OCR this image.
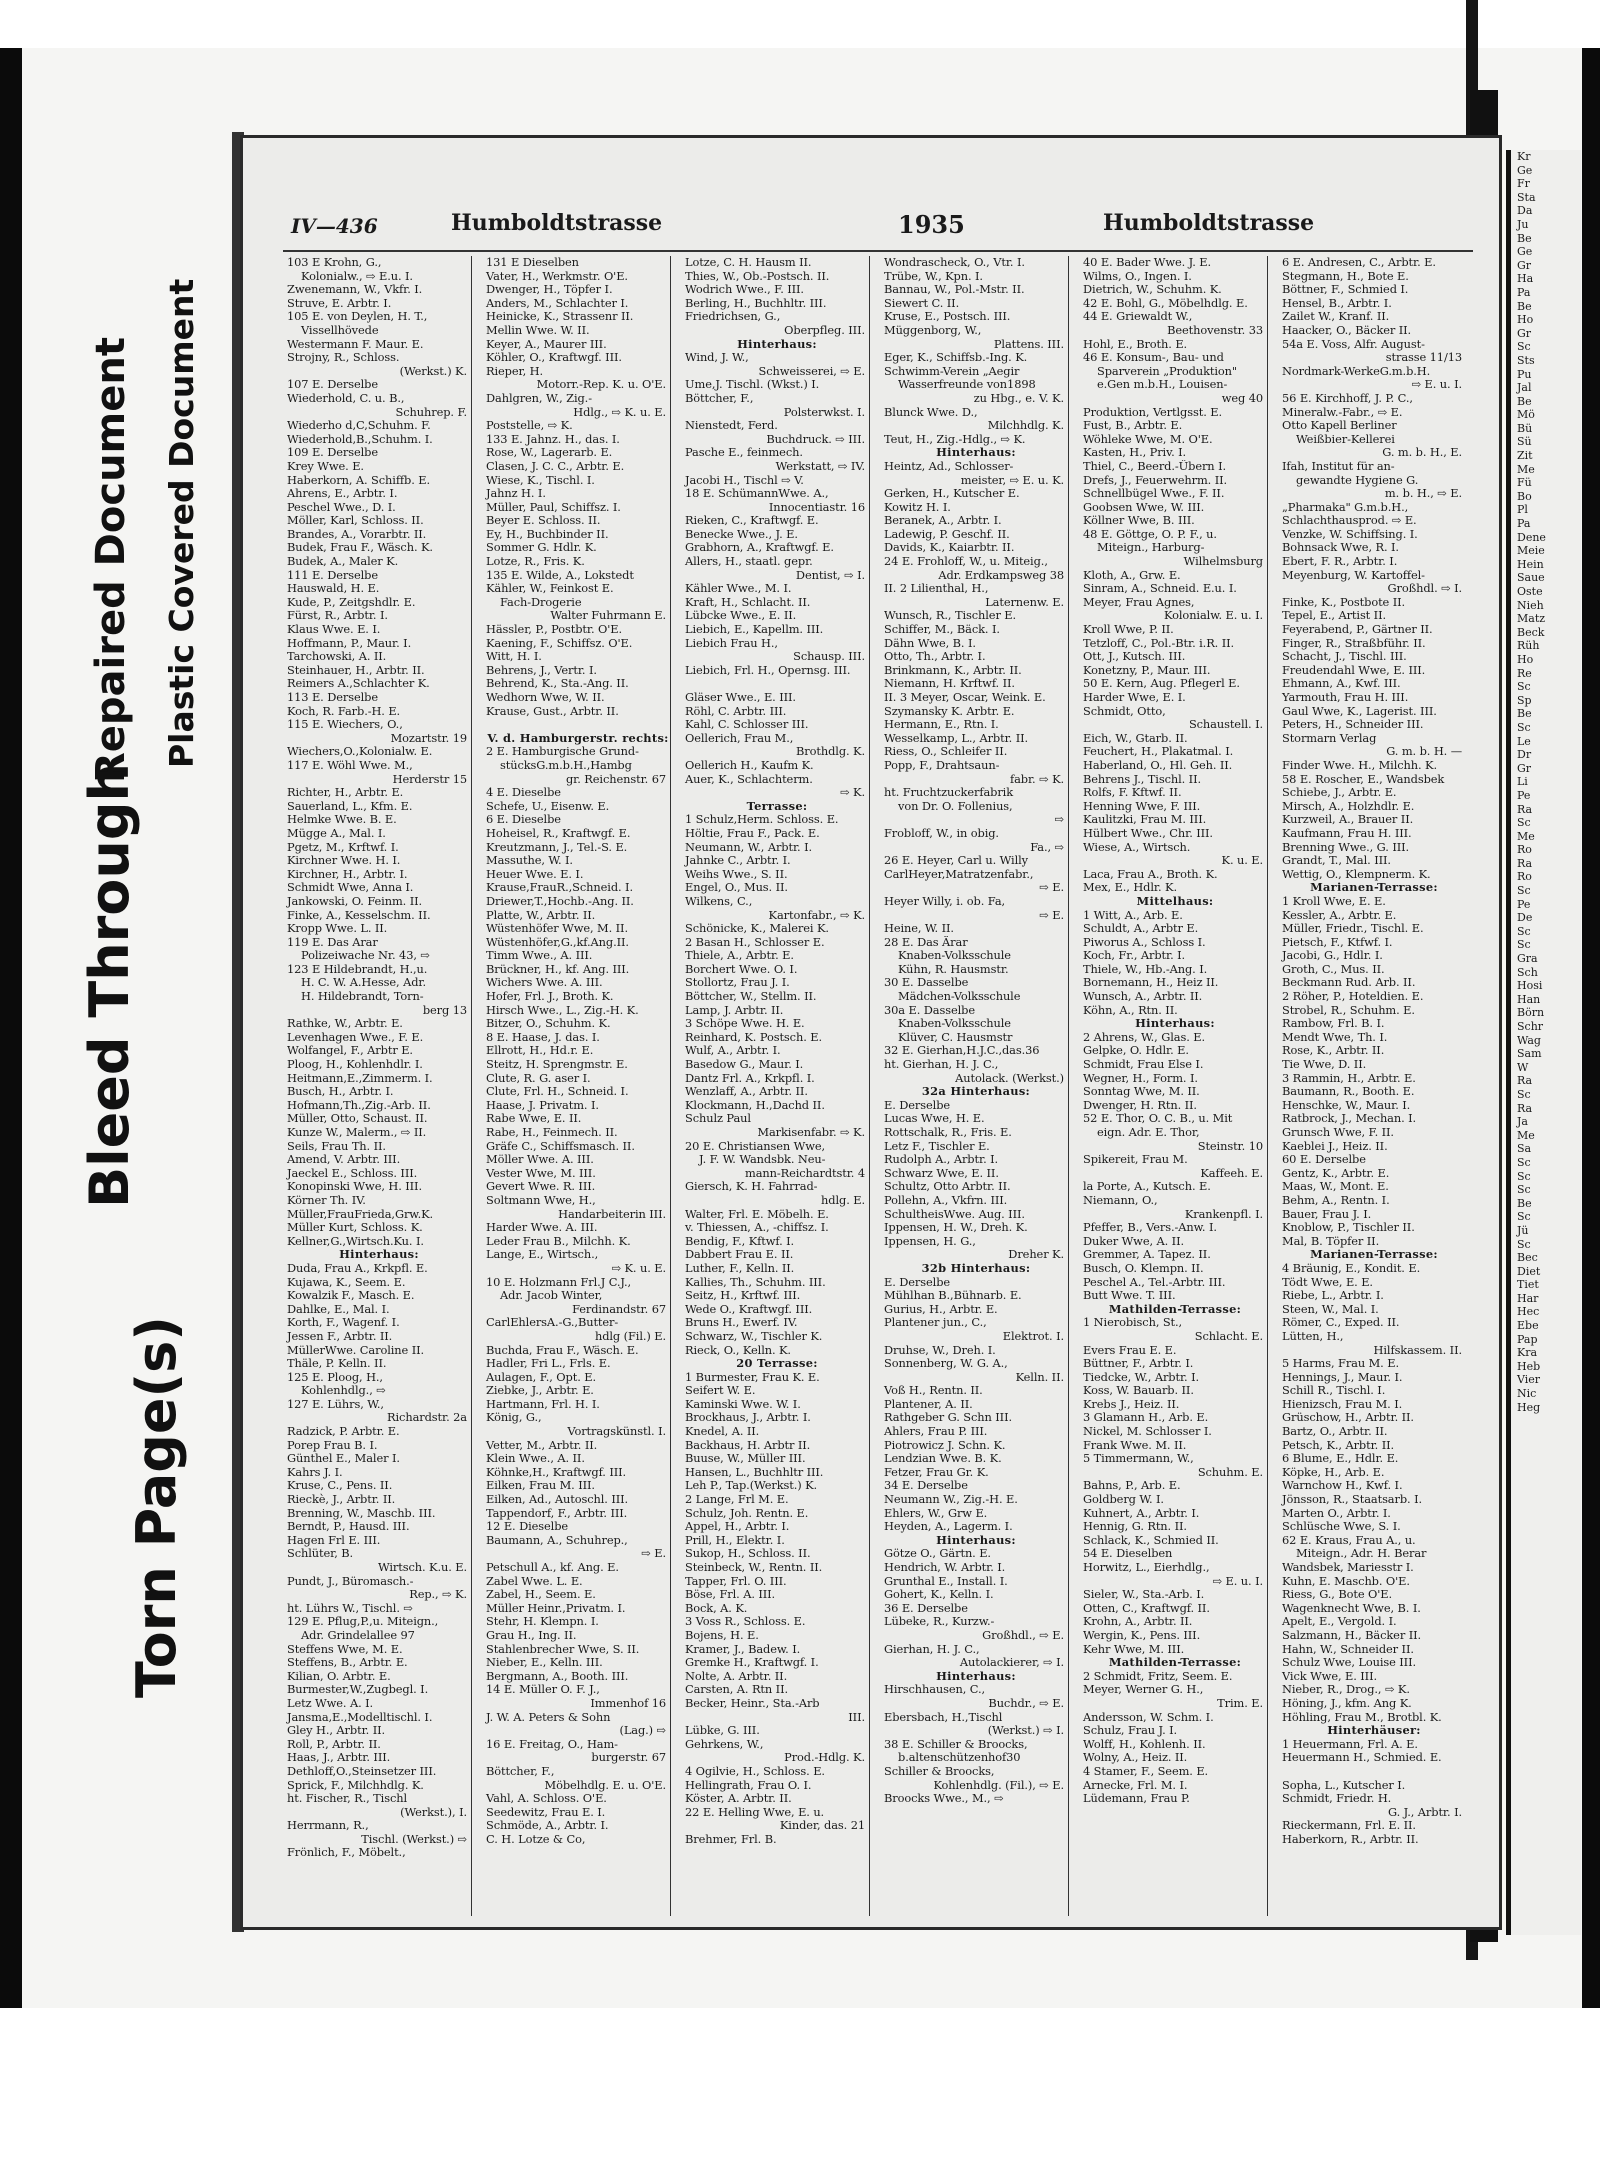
Torn Page(s)
Bleed Through
Repaired Document Plastic Covered Document
IV—436	Humboldtstrasse	1935	Humboldtstrasse
103 E Krohn, G.,
Kolonialw., ⇨ E.u. I.
Zwenemann, W., Vkfr. I.
Struve, E. Arbtr. I.
105 E. von Deylen, H. T.,
Vissellhövede
Westermann F. Maur. E.
Strojny, R., Schloss.
(Werkst.) K.
107 E. Derselbe
Wiederhold, C. u. B.,
Schuhrep. F.
Wiederho d,C,Schuhm. F.
Wiederhold,B.,Schuhm. I.
109 E. Derselbe
Krey Wwe. E.
Haberkorn, A. Schiffb. E.
Ahrens, E., Arbtr. I.
Peschel Wwe., D. I.
Möller, Karl, Schloss. II.
Brandes, A., Vorarbtr. II.
Budek, Frau F., Wäsch. K.
Budek, A., Maler K.
111 E. Derselbe
Hauswald, H. E.
Kude, P., Zeitgshdlr. E.
Fürst, R., Arbtr. I.
Klaus Wwe. E. I.
Hoffmann, P., Maur. I.
Tarchowski, A. II.
Steinhauer, H., Arbtr. II.
Reimers A.,Schlachter K.
113 E. Derselbe
Koch, R. Farb.-H. E.
115 E. Wiechers, O.,
Mozartstr. 19
Wiechers,O.,Kolonialw. E.
117 E. Wöhl Wwe. M.,
Herderstr 15
Richter, H., Arbtr. E.
Sauerland, L., Kfm. E.
Helmke Wwe. B. E.
Mügge A., Mal. I.
Pgetz, M., Krftwf. I.
Kirchner Wwe. H. I.
Kirchner, H., Arbtr. I.
Schmidt Wwe, Anna I.
Jankowski, O. Feinm. II.
Finke, A., Kesselschm. II.
Kropp Wwe. L. II.
119 E. Das Arar
Polizeiwache Nr. 43, ⇨
123 E Hildebrandt, H.,u.
H. C. W. A.Hesse, Adr.
H. Hildebrandt, Torn-
berg 13
Rathke, W., Arbtr. E.
Levenhagen Wwe., F. E.
Wolfangel, F., Arbtr E.
Ploog, H., Kohlenhdlr. I.
Heitmann,E.,Zimmerm. I.
Busch, H., Arbtr. I.
Hofmann,Th.,Zig.-Arb. II.
Müller, Otto, Schaust. II.
Kunze W., Malerm., ⇨ II.
Seils, Frau Th. II.
Amend, V. Arbtr. III.
Jaeckel E., Schloss. III.
Konopinski Wwe, H. III.
Körner Th. IV.
Müller,FrauFrieda,Grw.K.
Müller Kurt, Schloss. K.
Kellner,G.,Wirtsch.Ku. I.
Hinterhaus:
Duda, Frau A., Krkpfl. E.
Kujawa, K., Seem. E.
Kowalzik F., Masch. E.
Dahlke, E., Mal. I.
Korth, F., Wagenf. I.
Jessen F., Arbtr. II.
MüllerWwe. Caroline II.
Thäle, P. Kelln. II.
125 E. Ploog, H.,
Kohlenhdlg., ⇨
127 E. Lührs, W.,
Richardstr. 2a
Radzick, P. Arbtr. E.
Porep Frau B. I.
Günthel E., Maler I.
Kahrs J. I.
Kruse, C., Pens. II.
Rieckè, J., Arbtr. II.
Brenning, W., Maschb. III.
Berndt, P., Hausd. III.
Hagen Frl E. III.
Schlüter, B.
Wirtsch. K.u. E.
Pundt, J., Büromasch.-
Rep., ⇨ K.
ht. Lührs W., Tischl. ⇨
129 E. Pflug,P.,u. Miteign.,
Adr. Grindelallee 97
Steffens Wwe, M. E.
Steffens, B., Arbtr. E.
Kilian, O. Arbtr. E.
Burmester,W.,Zugbegl. I.
Letz Wwe. A. I.
Jansma,E.,Modelltischl. I.
Gley H., Arbtr. II.
Roll, P., Arbtr. II.
Haas, J., Arbtr. III.
Dethloff,O.,Steinsetzer III.
Sprick, F., Milchhdlg. K.
ht. Fischer, R., Tischl
(Werkst.), I.
Herrmann, R.,
Tischl. (Werkst.) ⇨
Frönlich, F., Möbelt.,
131 E Dieselben
Vater, H., Werkmstr. O'E.
Dwenger, H., Töpfer I.
Anders, M., Schlachter I.
Heinicke, K., Strassenr II.
Mellin Wwe. W. II.
Keyer, A., Maurer III.
Köhler, O., Kraftwgf. III.
Rieper, H.
Motorr.-Rep. K. u. O'E.
Dahlgren, W., Zig.-
Hdlg., ⇨ K. u. E.
Poststelle, ⇨ K.
133 E. Jahnz. H., das. I.
Rose, W., Lagerarb. E.
Clasen, J. C. C., Arbtr. E.
Wiese, K., Tischl. I.
Jahnz H. I.
Müller, Paul, Schiffsz. I.
Beyer E. Schloss. II.
Ey, H., Buchbinder II.
Sommer G. Hdlr. K.
Lotze, R., Fris. K.
135 E. Wilde, A., Lokstedt
Kähler, W., Feinkost E.
Fach-Drogerie
Walter Fuhrmann E.
Hässler, P., Postbtr. O'E.
Kaening, F., Schiffsz. O'E.
Witt, H. I.
Behrens, J., Vertr. I.
Behrend, K., Sta.-Ang. II.
Wedhorn Wwe, W. II.
Krause, Gust., Arbtr. II.

V. d. Hamburgerstr. rechts:
2 E. Hamburgische Grund-
stücksG.m.b.H.,Hambg
gr. Reichenstr. 67
4 E. Dieselbe
Schefe, U., Eisenw. E.
6 E. Dieselbe
Hoheisel, R., Kraftwgf. E.
Kreutzmann, J., Tel.-S. E.
Massuthe, W. I.
Heuer Wwe. E. I.
Krause,FrauR.,Schneid. I.
Driewer,T.,Hochb.-Ang. II.
Platte, W., Arbtr. II.
Wüstenhöfer Wwe, M. II.
Wüstenhöfer,G.,kf.Ang.II.
Timm Wwe., A. III.
Brückner, H., kf. Ang. III.
Wichers Wwe. A. III.
Hofer, Frl. J., Broth. K.
Hirsch Wwe., L., Zig.-H. K.
Bitzer, O., Schuhm. K.
8 E. Haase, J. das. I.
Ellrott, H., Hd.r. E.
Steitz, H. Sprengmstr. E.
Clute, R. G. aser I.
Clute, Frl. H., Schneid. I.
Haase, J. Privatm. I.
Rabe Wwe, E. II.
Rabe, H., Feinmech. II.
Gräfe C., Schiffsmasch. II.
Möller Wwe. A. III.
Vester Wwe, M. III.
Gevert Wwe. R. III.
Soltmann Wwe, H.,
Handarbeiterin III.
Harder Wwe. A. III.
Leder Frau B., Milchh. K.
Lange, E., Wirtsch.,
⇨ K. u. E.
10 E. Holzmann Frl.J C.J.,
Adr. Jacob Winter,
Ferdinandstr. 67
CarlEhlersA.-G.,Butter-
hdlg (Fil.) E.
Buchda, Frau F., Wäsch. E.
Hadler, Fri L., Frls. E.
Aulagen, F., Opt. E.
Ziebke, J., Arbtr. E.
Hartmann, Frl. H. I.
König, G.,
Vortragskünstl. I.
Vetter, M., Arbtr. II.
Klein Wwe., A. II.
Köhnke,H., Kraftwgf. III.
Eilken, Frau M. III.
Eilken, Ad., Autoschl. III.
Tappendorf, F., Arbtr. III.
12 E. Dieselbe
Baumann, A., Schuhrep.,
⇨ E.
Petschull A., kf. Ang. E.
Zabel Wwe. L. E.
Zabel, H., Seem. E.
Müller Heinr.,Privatm. I.
Stehr, H. Klempn. I.
Grau H., Ing. II.
Stahlenbrecher Wwe, S. II.
Nieber, E., Kelln. III.
Bergmann, A., Booth. III.
14 E. Müller O. F. J.,
Immenhof 16
J. W. A. Peters & Sohn
(Lag.) ⇨
16 E. Freitag, O., Ham-
burgerstr. 67
Böttcher, F.,
Möbelhdlg. E. u. O'E.
Vahl, A. Schloss. O'E.
Seedewitz, Frau E. I.
Schmöde, A., Arbtr. I.
C. H. Lotze & Co,
Lotze, C. H. Hausm II.
Thies, W., Ob.-Postsch. II.
Wodrich Wwe., F. III.
Berling, H., Buchhltr. III.
Friedrichsen, G.,
Oberpfleg. III.
Hinterhaus:
Wind, J. W.,
Schweisserei, ⇨ E.
Ume,J. Tischl. (Wkst.) I.
Böttcher, F.,
Polsterwkst. I.
Nienstedt, Ferd.
Buchdruck. ⇨ III.
Pasche E., feinmech.
Werkstatt, ⇨ IV.
Jacobi H., Tischl ⇨ V.
18 E. SchümannWwe. A.,
Innocentiastr. 16
Rieken, C., Kraftwgf. E.
Benecke Wwe., J. E.
Grabhorn, A., Kraftwgf. E.
Allers, H., staatl. gepr.
Dentist, ⇨ I.
Kähler Wwe., M. I.
Kraft, H., Schlacht. II.
Lübcke Wwe., E. II.
Liebich, E., Kapellm. III.
Liebich Frau H.,
Schausp. III.
Liebich, Frl. H., Opernsg. III.

Gläser Wwe., E. III.
Röhl, C. Arbtr. III.
Kahl, C. Schlosser III.
Oellerich, Frau M.,
Brothdlg. K.
Oellerich H., Kaufm K.
Auer, K., Schlachterm.
⇨ K.
Terrasse:
1 Schulz,Herm. Schloss. E.
Höltie, Frau F., Pack. E.
Neumann, W., Arbtr. I.
Jahnke C., Arbtr. I.
Weihs Wwe., S. II.
Engel, O., Mus. II.
Wilkens, C.,
Kartonfabr., ⇨ K.
Schönicke, K., Malerei K.
2 Basan H., Schlosser E.
Thiele, A., Arbtr. E.
Borchert Wwe. O. I.
Stollortz, Frau J. I.
Böttcher, W., Stellm. II.
Lamp, J. Arbtr. II.
3 Schöpe Wwe. H. E.
Reinhard, K. Postsch. E.
Wulf, A., Arbtr. I.
Basedow G., Maur. I.
Dantz Frl. A., Krkpfl. I.
Wenzlaff, A., Arbtr. II.
Klockmann, H.,Dachd II.
Schulz Paul
Markisenfabr. ⇨ K.
20 E. Christiansen Wwe,
J. F. W. Wandsbk. Neu-
mann-Reichardtstr. 4
Giersch, K. H. Fahrrad-
hdlg. E.
Walter, Frl. E. Möbelh. E.
v. Thiessen, A., -chiffsz. I.
Bendig, F., Kftwf. I.
Dabbert Frau E. II.
Luther, F., Kelln. II.
Kallies, Th., Schuhm. III.
Seitz, H., Krftwf. III.
Wede O., Kraftwgf. III.
Bruns H., Ewerf. IV.
Schwarz, W., Tischler K.
Rieck, O., Kelln. K.
20 Terrasse:
1 Burmester, Frau K. E.
Seifert W. E.
Kaminski Wwe. W. I.
Brockhaus, J., Arbtr. I.
Knedel, A. II.
Backhaus, H. Arbtr II.
Buuse, W., Müller III.
Hansen, L., Buchhltr III.
Leh P., Tap.(Werkst.) K.
2 Lange, Frl M. E.
Schulz, Joh. Rentn. E.
Appel, H., Arbtr. I.
Prill, H., Elektr. I.
Sukop, H., Schloss. II.
Steinbeck, W., Rentn. II.
Tapper, Frl. O. III.
Böse, Frl. A. III.
Bock, A. K.
3 Voss R., Schloss. E.
Bojens, H. E.
Kramer, J., Badew. I.
Gremke H., Kraftwgf. I.
Nolte, A. Arbtr. II.
Carsten, A. Rtn II.
Becker, Heinr., Sta.-Arb
III.
Lübke, G. III.
Gehrkens, W.,
Prod.-Hdlg. K.
4 Ogilvie, H., Schloss. E.
Hellingrath, Frau O. I.
Köster, A. Arbtr. II.
22 E. Helling Wwe, E. u.
Kinder, das. 21
Brehmer, Frl. B.
Wondrascheck, O., Vtr. I.
Trübe, W., Kpn. I.
Bannau, W., Pol.-Mstr. II.
Siewert C. II.
Kruse, E., Postsch. III.
Müggenborg, W.,
Plattens. III.
Eger, K., Schiffsb.-Ing. K.
Schwimm-Verein „Aegir
Wasserfreunde von1898
zu Hbg., e. V. K.
Blunck Wwe. D.,
Milchhdlg. K.
Teut, H., Zig.-Hdlg., ⇨ K.
Hinterhaus:
Heintz, Ad., Schlosser-
meister, ⇨ E. u. K.
Gerken, H., Kutscher E.
Kowitz H. I.
Beranek, A., Arbtr. I.
Ladewig, P. Geschf. II.
Davids, K., Kaiarbtr. II.
24 E. Frohloff, W., u. Miteig.,
Adr. Erdkampsweg 38
II. 2 Lilienthal, H.,
Laternenw. E.
Wunsch, R., Tischler E.
Schiffer, M., Bäck. I.
Dähn Wwe, B. I.
Otto, Th., Arbtr. I.
Brinkmann, K., Arbtr. II.
Niemann, H. Krftwf. II.
II. 3 Meyer, Oscar, Weink. E.
Szymansky K. Arbtr. E.
Hermann, E., Rtn. I.
Wesselkamp, L., Arbtr. II.
Riess, O., Schleifer II.
Popp, F., Drahtsaun-
fabr. ⇨ K.
ht. Fruchtzuckerfabrik
von Dr. O. Follenius,
⇨
Frobloff, W., in obig.
Fa., ⇨
26 E. Heyer, Carl u. Willy
CarlHeyer,Matratzenfabr.,
⇨ E.
Heyer Willy, i. ob. Fa,
⇨ E.
Heine, W. II.
28 E. Das Ärar
Knaben-Volksschule
Kühn, R. Hausmstr.
30 E. Dasselbe
Mädchen-Volksschule
30a E. Dasselbe
Knaben-Volksschule
Klüver, C. Hausmstr
32 E. Gierhan,H.J.C.,das.36
ht. Gierhan, H. J. C.,
Autolack. (Werkst.)
32a Hinterhaus:
E. Derselbe
Lucas Wwe, H. E.
Rottschalk, R., Fris. E.
Letz F., Tischler E.
Rudolph A., Arbtr. I.
Schwarz Wwe, E. II.
Schultz, Otto Arbtr. II.
Pollehn, A., Vkfrn. III.
SchultheisWwe. Aug. III.
Ippensen, H. W., Dreh. K.
Ippensen, H. G.,
Dreher K.
32b Hinterhaus:
E. Derselbe
Mühlhan B.,Bühnarb. E.
Gurius, H., Arbtr. E.
Plantener jun., C.,
Elektrot. I.
Druhse, W., Dreh. I.
Sonnenberg, W. G. A.,
Kelln. II.
Voß H., Rentn. II.
Plantener, A. II.
Rathgeber G. Schn III.
Ahlers, Frau P. III.
Piotrowicz J. Schn. K.
Lendzian Wwe. B. K.
Fetzer, Frau Gr. K.
34 E. Derselbe
Neumann W., Zig.-H. E.
Ehlers, W., Grw E.
Heyden, A., Lagerm. I.
Hinterhaus:
Götze O., Gärtn. E.
Hendrich, W. Arbtr. I.
Grunthal E., Install. I.
Gohert, K., Kelln. I.
36 E. Derselbe
Lübeke, R., Kurzw.-
Großhdl., ⇨ E.
Gierhan, H. J. C.,
Autolackierer, ⇨ I.
Hinterhaus:
Hirschhausen, C.,
Buchdr., ⇨ E.
Ebersbach, H.,Tischl
(Werkst.) ⇨ I.
38 E. Schiller & Broocks,
b.altenschützenhof30
Schiller & Broocks,
Kohlenhdlg. (Fil.), ⇨ E.
Broocks Wwe., M., ⇨
40 E. Bader Wwe. J. E.
Wilms, O., Ingen. I.
Dietrich, W., Schuhm. K.
42 E. Bohl, G., Möbelhdlg. E.
44 E. Griewaldt W.,
Beethovenstr. 33
Hohl, E., Broth. E.
46 E. Konsum-, Bau- und
Sparverein „Produktion"
e.Gen m.b.H., Louisen-
weg 40
Produktion, Vertlgsst. E.
Fust, B., Arbtr. E.
Wöhleke Wwe, M. O'E.
Kasten, H., Priv. I.
Thiel, C., Beerd.-Übern I.
Drefs, J., Feuerwehrm. II.
Schnellbügel Wwe., F. II.
Goobsen Wwe, W. III.
Köllner Wwe, B. III.
48 E. Göttge, O. P. F., u.
Miteign., Harburg-
Wilhelmsburg
Kloth, A., Grw. E.
Sinram, A., Schneid. E.u. I.
Meyer, Frau Agnes,
Kolonialw. E. u. I.
Kroll Wwe, P. II.
Tetzloff, C., Pol.-Btr. i.R. II.
Ott, J., Kutsch. III.
Konetzny, P., Maur. III.
50 E. Kern, Aug. Pflegerl E.
Harder Wwe, E. I.
Schmidt, Otto,
Schaustell. I.
Eich, W., Gtarb. II.
Feuchert, H., Plakatmal. I.
Haberland, O., Hl. Geh. II.
Behrens J., Tischl. II.
Rolfs, F. Kftwf. II.
Henning Wwe, F. III.
Kaulitzki, Frau M. III.
Hülbert Wwe., Chr. III.
Wiese, A., Wirtsch.
K. u. E.
Laca, Frau A., Broth. K.
Mex, E., Hdlr. K.
Mittelhaus:
1 Witt, A., Arb. E.
Schuldt, A., Arbtr E.
Piworus A., Schloss I.
Koch, Fr., Arbtr. I.
Thiele, W., Hb.-Ang. I.
Bornemann, H., Heiz II.
Wunsch, A., Arbtr. II.
Köhn, A., Rtn. II.
Hinterhaus:
2 Ahrens, W., Glas. E.
Gelpke, O. Hdlr. E.
Schmidt, Frau Else I.
Wegner, H., Form. I.
Sonntag Wwe, M. II.
Dwenger, H. Rtn. II.
52 E. Thor, O. C. B., u. Mit
eign. Adr. E. Thor,
Steinstr. 10
Spikereit, Frau M.
Kaffeeh. E.
la Porte, A., Kutsch. E.
Niemann, O.,
Krankenpfl. I.
Pfeffer, B., Vers.-Anw. I.
Duker Wwe, A. II.
Gremmer, A. Tapez. II.
Busch, O. Klempn. II.
Peschel A., Tel.-Arbtr. III.
Butt Wwe. T. III.
Mathilden-Terrasse:
1 Nierobisch, St.,
Schlacht. E.
Evers Frau E. E.
Büttner, F., Arbtr. I.
Tiedcke, W., Arbtr. I.
Koss, W. Bauarb. II.
Krebs J., Heiz. II.
3 Glamann H., Arb. E.
Nickel, M. Schlosser I.
Frank Wwe. M. II.
5 Timmermann, W.,
Schuhm. E.
Bahns, P., Arb. E.
Goldberg W. I.
Kuhnert, A., Arbtr. I.
Hennig, G. Rtn. II.
Schlack, K., Schmied II.
54 E. Dieselben
Horwitz, L., Eierhdlg.,
⇨ E. u. I.
Sieler, W., Sta.-Arb. I.
Otten, C., Kraftwgf. II.
Krohn, A., Arbtr. II.
Wergin, K., Pens. III.
Kehr Wwe, M. III.
Mathilden-Terrasse:
2 Schmidt, Fritz, Seem. E.
Meyer, Werner G. H.,
Trim. E.
Andersson, W. Schm. I.
Schulz, Frau J. I.
Wolff, H., Kohlenh. II.
Wolny, A., Heiz. II.
4 Stamer, F., Seem. E.
Arnecke, Frl. M. I.
Lüdemann, Frau P.
6 E. Andresen, C., Arbtr. E.
Stegmann, H., Bote E.
Böttner, F., Schmied I.
Hensel, B., Arbtr. I.
Zailet W., Kranf. II.
Haacker, O., Bäcker II.
54a E. Voss, Alfr. August-
strasse 11/13
Nordmark-WerkeG.m.b.H.
⇨ E. u. I.
56 E. Kirchhoff, J. P. C.,
Mineralw.-Fabr., ⇨ E.
Otto Kapell Berliner
Weißbier-Kellerei
G. m. b. H., E.
Ifah, Institut für an-
gewandte Hygiene G.
m. b. H., ⇨ E.
„Pharmaka" G.m.b.H.,
Schlachthausprod. ⇨ E.
Venzke, W. Schiffsing. I.
Bohnsack Wwe, R. I.
Ebert, F. R., Arbtr. I.
Meyenburg, W. Kartoffel-
Großhdl. ⇨ I.
Finke, K., Postbote II.
Tepel, E., Artist II.
Feyerabend, P., Gärtner II.
Finger, R., Straßbführ. II.
Schacht, J., Tischl. III.
Freudendahl Wwe, E. III.
Ehmann, A., Kwf. III.
Yarmouth, Frau H. III.
Gaul Wwe, K., Lagerist. III.
Peters, H., Schneider III.
Stormarn Verlag
G. m. b. H. —
Finder Wwe. H., Milchh. K.
58 E. Roscher, E., Wandsbek
Schiebe, J., Arbtr. E.
Mirsch, A., Holzhdlr. E.
Kurzweil, A., Brauer II.
Kaufmann, Frau H. III.
Brenning Wwe., G. III.
Grandt, T., Mal. III.
Wettig, O., Klempnerm. K.
Marianen-Terrasse:
1 Kroll Wwe, E. E.
Kessler, A., Arbtr. E.
Müller, Friedr., Tischl. E.
Pietsch, F., Ktfwf. I.
Jacobi, G., Hdlr. I.
Groth, C., Mus. II.
Beckmann Rud. Arb. II.
2 Röher, P., Hoteldien. E.
Strobel, R., Schuhm. E.
Rambow, Frl. B. I.
Mendt Wwe, Th. I.
Rose, K., Arbtr. II.
Tie Wwe, D. II.
3 Rammin, H., Arbtr. E.
Baumann, R., Booth. E.
Henschke, W., Maur. I.
Ratbrock, J., Mechan. I.
Grunsch Wwe, F. II.
Kaeblei J., Heiz. II.
60 E. Derselbe
Gentz, K., Arbtr. E.
Maas, W., Mont. E.
Behm, A., Rentn. I.
Bauer, Frau J. I.
Knoblow, P., Tischler II.
Mal, B. Töpfer II.
Marianen-Terrasse:
4 Bräunig, E., Kondit. E.
Tödt Wwe, E. E.
Riebe, L., Arbtr. I.
Steen, W., Mal. I.
Römer, C., Exped. II.
Lütten, H.,
Hilfskassem. II.
5 Harms, Frau M. E.
Hennings, J., Maur. I.
Schill R., Tischl. I.
Hienizsch, Frau M. I.
Grüschow, H., Arbtr. II.
Bartz, O., Arbtr. II.
Petsch, K., Arbtr. II.
6 Blume, E., Hdlr. E.
Köpke, H., Arb. E.
Warnchow H., Kwf. I.
Jönsson, R., Staatsarb. I.
Marten O., Arbtr. I.
Schlüsche Wwe, S. I.
62 E. Kraus, Frau A., u.
Miteign., Adr. H. Berar
Wandsbek, Mariesstr I.
Kuhn, E. Maschb. O'E.
Riess, G., Bote O'E.
Wagenknecht Wwe, B. I.
Apelt, E., Vergold. I.
Salzmann, H., Bäcker II.
Hahn, W., Schneider II.
Schulz Wwe, Louise III.
Vick Wwe, E. III.
Nieber, R., Drog., ⇨ K.
Höning, J., kfm. Ang K.
Höhling, Frau M., Brotbl. K.
Hinterhäuser:
1 Heuermann, Frl. A. E.
Heuermann H., Schmied. E.

Sopha, L., Kutscher I.
Schmidt, Friedr. H.
G. J., Arbtr. I.
Rieckermann, Frl. E. II.
Haberkorn, R., Arbtr. II.
Kr
Ge
Fr
Sta
Da
Ju
Be
Ge
Gr
Ha
Pa
Be
Ho
Gr
Sc
Sts
Pu
Jal
Be
Mö
Bü
Sü
Zit
Me
Fü
Bo
Pl
Pa
Dene
Meie
Hein
Saue
Oste
Nieh
Matz
Beck
Rüh
Ho
Re
Sc
Sp
Be
Sc
Le
Dr
Gr
Li
Pe
Ra
Sc
Me
Ro
Ra
Ro
Sc
Pe
De
Sc
Sc
Gra
Sch
Hosi
Han
Börn
Schr
Wag
Sam
W
Ra
Sc
Ra
Ja
Me
Sa
Sc
Sc
Sc
Be
Sc
Jü
Sc
Bec
Diet
Tiet
Har
Hec
Ebe
Pap
Kra
Heb
Vier
Nic
Heg
